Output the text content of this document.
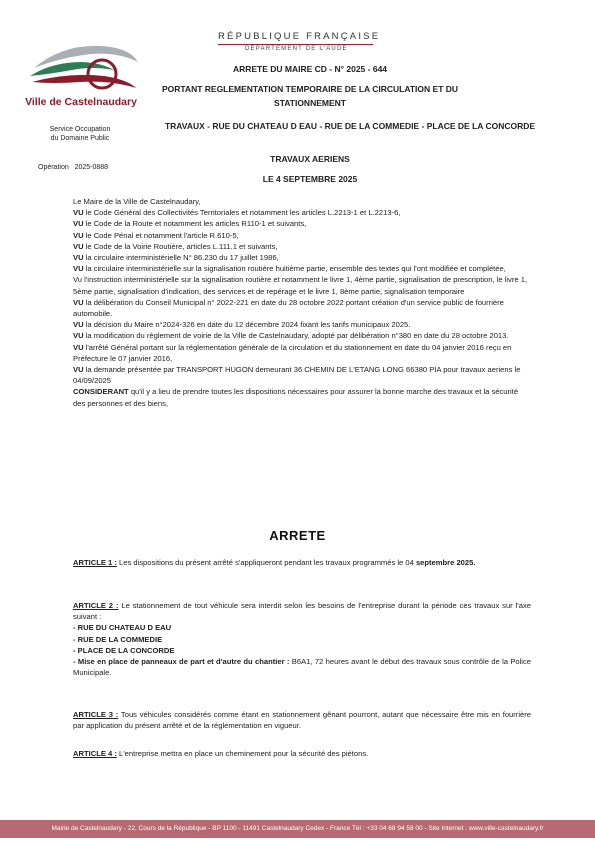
Ville de Castelnaudary
Service Occupation
du Domaine Public
Opération 2025-0888
RÉPUBLIQUE FRANÇAISE
DÉPARTEMENT DE L'AUDE
ARRETE DU MAIRE CD - N° 2025 - 644
PORTANT REGLEMENTATION TEMPORAIRE DE LA CIRCULATION ET DU STATIONNEMENT
TRAVAUX - RUE DU CHATEAU D EAU - RUE DE LA COMMEDIE - PLACE DE LA CONCORDE
TRAVAUX AERIENS
LE 4 SEPTEMBRE 2025

Le Maire de la Ville de Castelnaudary,

VU le Code Général des Collectivités Territoriales et notamment les articles L.2213-1 et L.2213-6,

VU le Code de la Route et notamment les articles R110-1 et suivants,

VU le Code Pénal et notamment l'article R.610-5,

VU le Code de la Voirie Routière, articles L.111.1 et suivants,

VU la circulaire interministérielle N° 86.230 du 17 juillet 1986,

VU la circulaire interministérielle sur la signalisation routière huitième partie, ensemble des textes qui l'ont modifiée et complétée,

Vu l'instruction interministérielle sur la signalisation routière et notamment le livre 1, 4ème partie, signalisation de prescription, le livre 1, 5ème partie, signalisation d'indication, des services et de repérage et le livre 1, 8ème partie, signalisation temporaire

VU la délibération du Conseil Municipal n° 2022-221 en date du 28 octobre 2022 portant création d'un service public de fourrière automobile.

VU la décision du Maire n°2024-326 en date du 12 décembre 2024 fixant les tarifs municipaux 2025.

VU la modification du règlement de voirie de la Ville de Castelnaudary, adopté par délibération n°380 en date du 28 octobre 2013.

VU l'arrêté Général portant sur la réglementation générale de la circulation et du stationnement en date du 04 janvier 2016 reçu en Préfecture le 07 janvier 2016,

VU la demande présentée par TRANSPORT HUGON demeurant 36 CHEMIN DE L'ETANG LONG 66380 PIA pour travaux aeriens le 04/09/2025

CONSIDERANT qu'il y a lieu de prendre toutes les dispositions nécessaires pour assurer la bonne marche des travaux et la sécurité des personnes et des biens,

ARRETE
ARTICLE 1 : Les dispositions du présent arrêté s'appliqueront pendant les travaux programmés le 04 septembre 2025.

ARTICLE 2 : Le stationnement de tout véhicule sera interdit selon les besoins de l'entreprise durant la période ces travaux sur l'axe suivant :

- RUE DU CHATEAU D EAU

- RUE DE LA COMMEDIE

- PLACE DE LA CONCORDE

- Mise en place de panneaux de part et d'autre du chantier : B6A1, 72 heures avant le début des travaux sous contrôle de la Police Municipale.

ARTICLE 3 : Tous véhicules considérés comme étant en stationnement gênant pourront, autant que nécessaire être mis en fourrière par application du présent arrêté et de la réglementation en vigueur.
ARTICLE 4 : L'entreprise mettra en place un cheminement pour la sécurité des piétons.
Mairie de Castelnaudary - 22, Cours de la République - BP 1100 - 11491 Castelnaudary Cedex - France Tél : +33 04 68 94 58 00 - Site Internet : www.ville-castelnaudary.fr
